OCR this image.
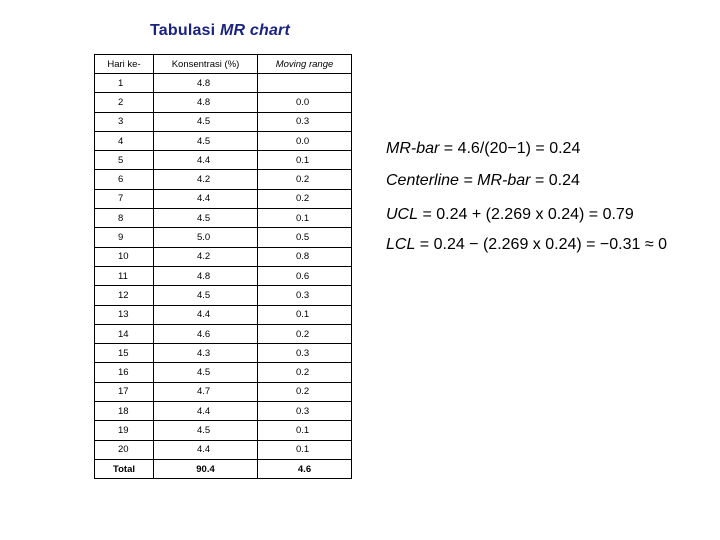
Tabulasi MR chart
Hari ke-	Konsentrasi (%)	Moving range
1	4.8	
2	4.8	0.0
3	4.5	0.3
4	4.5	0.0
5	4.4	0.1
6	4.2	0.2
7	4.4	0.2
8	4.5	0.1
9	5.0	0.5
10	4.2	0.8
11	4.8	0.6
12	4.5	0.3
13	4.4	0.1
14	4.6	0.2
15	4.3	0.3
16	4.5	0.2
17	4.7	0.2
18	4.4	0.3
19	4.5	0.1
20	4.4	0.1
Total	90.4	4.6
MR-bar = 4.6/(20−1) = 0.24
Centerline = MR-bar = 0.24
UCL = 0.24 + (2.269 x 0.24) = 0.79
LCL = 0.24 − (2.269 x 0.24) = −0.31 ≈ 0
